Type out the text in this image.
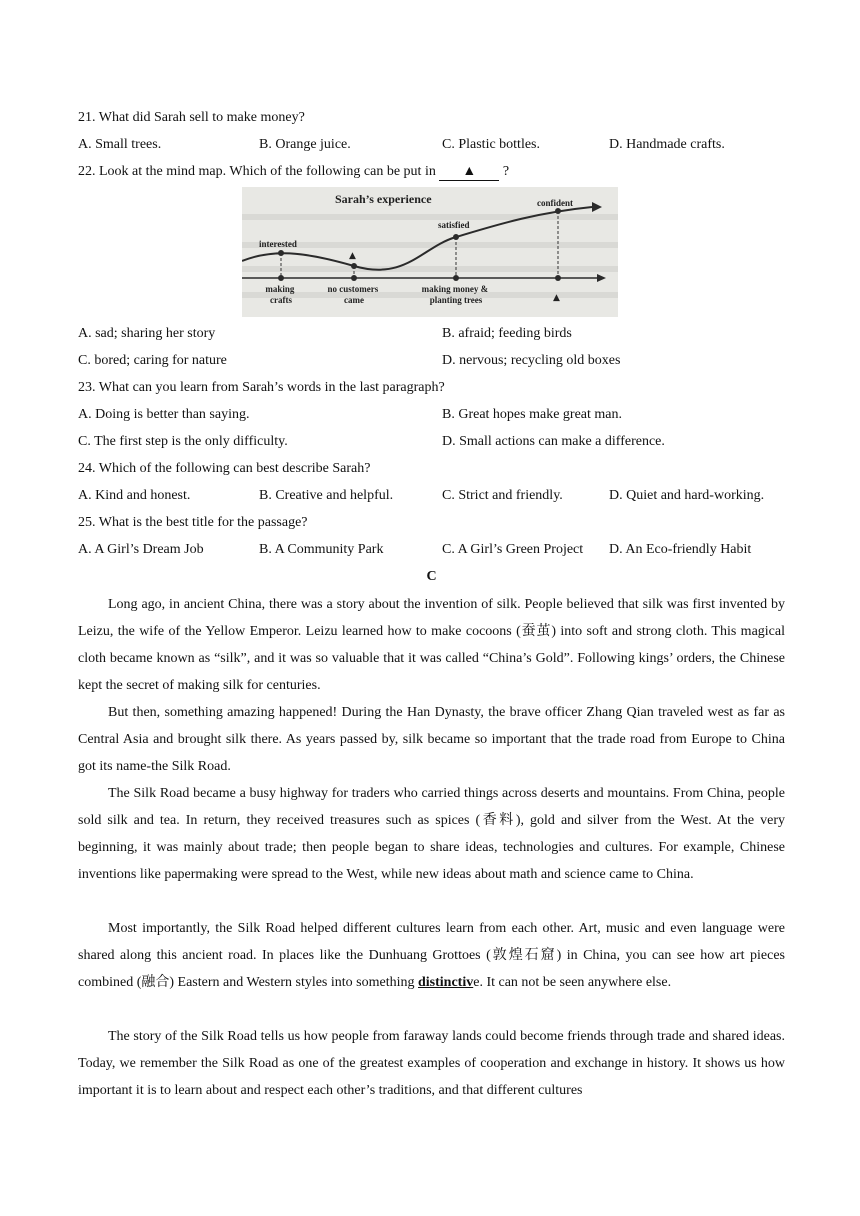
21. What did Sarah sell to make money?
A. Small trees.	B. Orange juice.	C. Plastic bottles.	D. Handmade crafts.
22. Look at the mind map. Which of the following can be put in ▲ ?
Sarah’s experience
interested
▲
satisfied
confident
making crafts
no customers came
making money & planting trees	▲
A. sad; sharing her story	B. afraid; feeding birds
C. bored; caring for nature	D. nervous; recycling old boxes
23. What can you learn from Sarah’s words in the last paragraph?
A. Doing is better than saying.	B. Great hopes make great man.
C. The first step is the only difficulty.	D. Small actions can make a difference.
24. Which of the following can best describe Sarah?
A. Kind and honest.	B. Creative and helpful.	C. Strict and friendly.	D. Quiet and hard-working.
25. What is the best title for the passage?
A. A Girl’s Dream Job	B. A Community Park	C. A Girl’s Green Project D. An Eco-friendly Habit
C
Long ago, in ancient China, there was a story about the invention of silk. People believed that silk was first invented by Leizu, the wife of the Yellow Emperor. Leizu learned how to make cocoons (蚕茧) into soft and strong cloth. This magical cloth became known as “silk”, and it was so valuable that it was called “China’s Gold”. Following kings’ orders, the Chinese kept the secret of making silk for centuries.
But then, something amazing happened! During the Han Dynasty, the brave officer Zhang Qian traveled west as far as Central Asia and brought silk there. As years passed by, silk became so important that the trade road from Europe to China got its name-the Silk Road.
The Silk Road became a busy highway for traders who carried things across deserts and mountains. From China, people sold silk and tea. In return, they received treasures such as spices (香料), gold and silver from the West. At the very beginning, it was mainly about trade; then people began to share ideas, technologies and cultures. For example, Chinese inventions like papermaking were spread to the West, while new ideas about math and science came to China.
Most importantly, the Silk Road helped different cultures learn from each other. Art, music and even language were shared along this ancient road. In places like the Dunhuang Grottoes (敦煌石窟) in China, you can see how art pieces combined (融合) Eastern and Western styles into something distinctive. It can not be seen anywhere else.
The story of the Silk Road tells us how people from faraway lands could become friends through trade and shared ideas. Today, we remember the Silk Road as one of the greatest examples of cooperation and exchange in history. It shows us how important it is to learn about and respect each other’s traditions, and that different cultures
